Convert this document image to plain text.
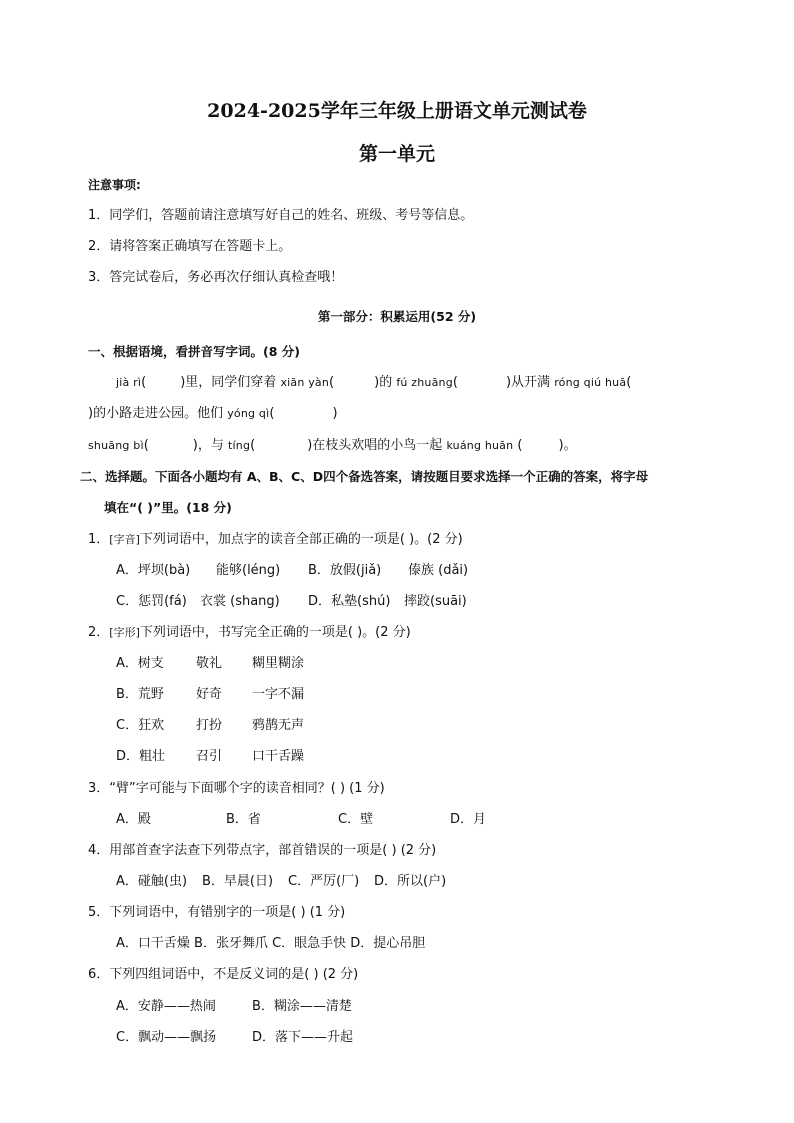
2024-2025学年三年级上册语文单元测试卷
第一单元
注意事项:
1．同学们，答题前请注意填写好自己的姓名、班级、考号等信息。
2．请将答案正确填写在答题卡上。
3．答完试卷后，务必再次仔细认真检查哦！
第一部分：积累运用(52 分)
一、根据语境，看拼音写字词。(8 分)
jià rì(	)里，同学们穿着 xiān yàn(	)的 fú zhuāng(	)从开满 róng qiú huā(
)的小路走进公园。他们 yóng qì(	)
shuāng bì(	)，与 tíng(	)在枝头欢唱的小鸟一起 kuáng huān (	)。
二、选择题。下面各小题均有 A、B、C、D四个备选答案，请按题目要求选择一个正确的答案，将字母
填在“( )”里。(18 分)
1．[字音]下列词语中，加点字的读音全部正确的一项是( )。(2 分)
A．坪坝(bà) 能够(léng) B．放假(jiǎ) 傣族 (dǎi)
C．惩罚(fá) 衣裳 (shang) D．私塾(shú) 摔跤(suāi)
2．[字形]下列词语中，书写完全正确的一项是( )。(2 分)
A．树支 敬礼 糊里糊涂
B．荒野 好奇 一字不漏
C．狂欢 打扮 鸦鹊无声
D．粗壮 召引 口干舌躁
3．“臂”字可能与下面哪个字的读音相同？( ) (1 分)
A．殿	B．省	C．壁	D．月
4．用部首查字法查下列带点字，部首错误的一项是( ) (2 分)
A．碰触(虫) B．早晨(日) C．严厉(厂) D．所以(户)
5．下列词语中，有错别字的一项是( ) (1 分)
A．口干舌燥 B．张牙舞爪 C．眼急手快 D．提心吊胆
6．下列四组词语中，不是反义词的是( ) (2 分)
A．安静——热闹	B．糊涂——清楚
C．飘动——飘扬	D．落下——升起
